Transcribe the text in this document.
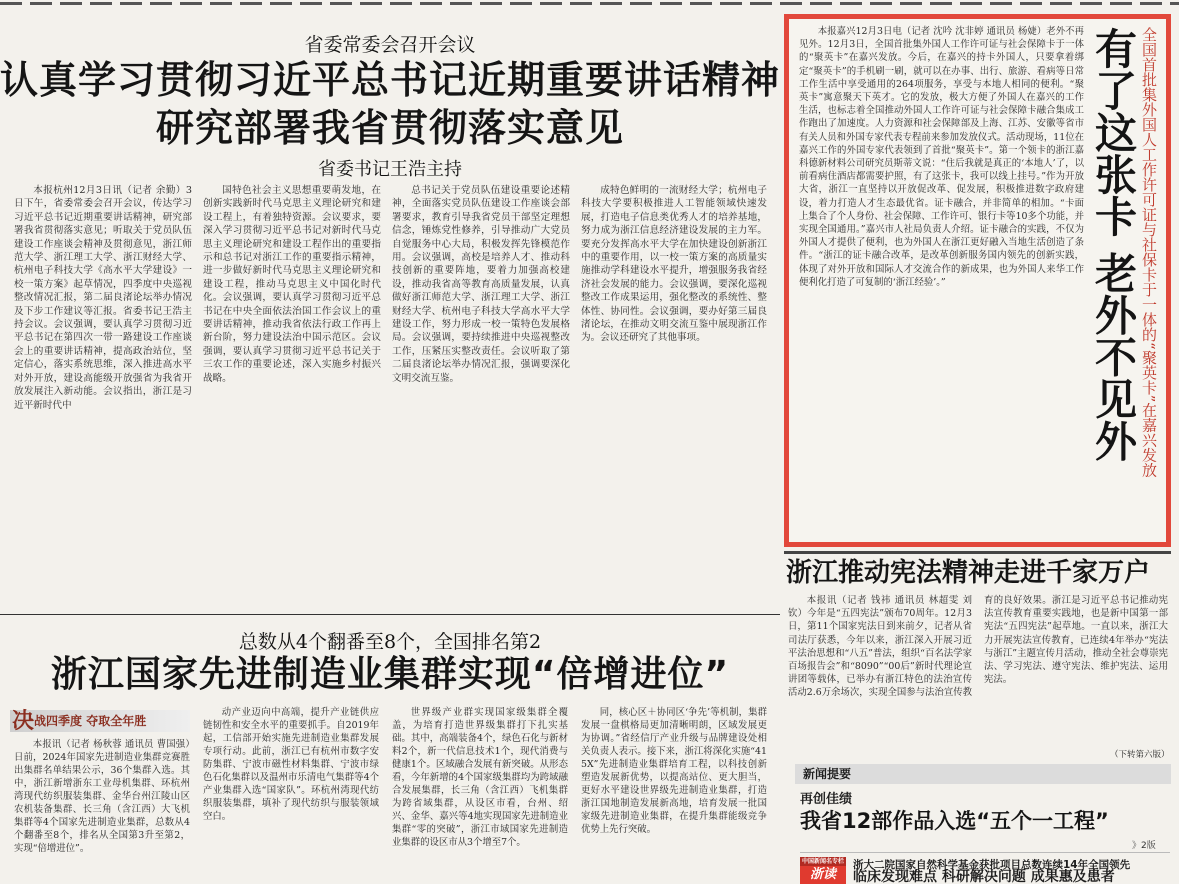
省委常委会召开会议
认真学习贯彻习近平总书记近期重要讲话精神
研究部署我省贯彻落实意见
省委书记王浩主持

本报杭州12月3日讯（记者 余勤）3日下午，省委常委会召开会议，传达学习习近平总书记近期重要讲话精神，研究部署我省贯彻落实意见；听取关于党员队伍建设工作座谈会精神及贯彻意见，浙江师范大学、浙江理工大学、浙江财经大学、杭州电子科技大学《高水平大学建设》一校一策方案》起草情况，四季度中央巡视整改情况汇报，第二届良渚论坛举办情况及下步工作建议等汇报。省委书记王浩主持会议。会议强调，要认真学习贯彻习近平总书记在第四次一带一路建设工作座谈会上的重要讲话精神，提高政治站位，坚定信心，落实系统思维，深入推进高水平对外开放，建设高能级开放强省为我省开放发展注入新动能。会议指出，浙江是习近平新时代中

国特色社会主义思想重要萌发地，在创新实践新时代马克思主义理论研究和建设工程上，有着独特资源。会议要求，要深入学习贯彻习近平总书记对新时代马克思主义理论研究和建设工程作出的重要指示和总书记对浙江工作的重要指示精神，进一步做好新时代马克思主义理论研究和建设工程，推动马克思主义中国化时代化。会议强调，要认真学习贯彻习近平总书记在中央全面依法治国工作会议上的重要讲话精神，推动我省依法行政工作再上新台阶，努力建设法治中国示范区。会议强调，要认真学习贯彻习近平总书记关于三农工作的重要论述，深入实施乡村振兴战略。

总书记关于党员队伍建设重要论述精神，全面落实党员队伍建设工作座谈会部署要求，教育引导我省党员干部坚定理想信念，锤炼党性修养，引导推动广大党员自觉服务中心大局，积极发挥先锋模范作用。会议强调，高校是培养人才、推动科技创新的重要阵地，要着力加强高校建设，推动我省高等教育高质量发展，认真做好浙江师范大学、浙江理工大学、浙江财经大学、杭州电子科技大学高水平大学建设工作，努力形成一校一策特色发展格局。会议强调，要持续推进中央巡视整改工作，压紧压实整改责任。会议听取了第二届良渚论坛举办情况汇报，强调要深化文明交流互鉴。

成特色鲜明的一流财经大学；杭州电子科技大学要积极推进人工智能领域快速发展，打造电子信息类优秀人才的培养基地，努力成为浙江信息经济建设发展的主力军。要充分发挥高水平大学在加快建设创新浙江中的重要作用，以一校一策方案的高质量实施推动学科建设水平提升，增强服务我省经济社会发展的能力。会议强调，要深化巡视整改工作成果运用，强化整改的系统性、整体性、协同性。会议强调，要办好第三届良渚论坛，在推动文明交流互鉴中展现浙江作为。会议还研究了其他事项。

本报嘉兴12月3日电（记者 沈吟 沈非婷 通讯员 杨婕）老外不再见外。12月3日，全国首批集外国人工作许可证与社会保障卡于一体的“聚英卡”在嘉兴发放。今后，在嘉兴的持卡外国人，只要拿着绑定“聚英卡”的手机刷一刷，就可以在办事、出行、旅游、看病等日常工作生活中享受通用的264项服务，享受与本地人相同的便利。“聚英卡”寓意聚天下英才。它的发放，极大方便了外国人在嘉兴的工作生活，也标志着全国推动外国人工作许可证与社会保障卡融合集成工作跑出了加速度。人力资源和社会保障部及上海、江苏、安徽等省市有关人员和外国专家代表专程前来参加发放仪式。活动现场，11位在嘉兴工作的外国专家代表领到了首批“聚英卡”。第一个领卡的浙江嘉科德新材料公司研究员斯蒂文说：“住后我就是真正的‘本地人’了，以前看病住酒店都需要护照，有了这张卡，我可以线上挂号。”作为开放大省，浙江一直坚持以开放促改革、促发展，积极推进数字政府建设，着力打造人才生态最优省。证卡融合，并非简单的相加。“卡面上集合了个人身份、社会保障、工作许可、银行卡等10多个功能，并实现全国通用。”嘉兴市人社局负责人介绍。证卡融合的实践，不仅为外国人才提供了便利，也为外国人在浙江更好融入当地生活创造了条件。“浙江的证卡融合改革，是改革创新服务国内领先的创新实践，体现了对外开放和国际人才交流合作的新成果，也为外国人来华工作便利化打造了可复制的‘浙江经验’。”	有了这张卡 老外不见外 全国首批集外国人工作许可证与社保卡于一体的“聚英卡”在嘉兴发放
浙江推动宪法精神走进千家万户

本报讯（记者 钱祎 通讯员 林超雯 刘钦）今年是“五四宪法”颁布70周年。12月3日，第11个国家宪法日到来前夕，记者从省司法厅获悉，今年以来，浙江深入开展习近平法治思想和“八五”普法，组织“百名法学家百场报告会”和“8090”“00后”新时代理论宣讲团等载体，已举办有浙江特色的法治宣传活动2.6万余场次，实现全国参与法治宣传教育的良好效果。浙江是习近平总书记推动宪法宣传教育重要实践地，也是新中国第一部宪法“五四宪法”起草地。一直以来，浙江大力开展宪法宣传教育，已连续4年举办“宪法与浙江”主题宣传月活动，推动全社会尊崇宪法、学习宪法、遵守宪法、维护宪法、运用宪法。

（下转第六版）
总数从4个翻番至8个，全国排名第2
浙江国家先进制造业集群实现“倍增进位”
决战四季度 夺取全年胜

本报讯（记者 杨秋蓉 通讯员 曹国强）日前，2024年国家先进制造业集群竞赛胜出集群名单结果公示，36个集群入选。其中，浙江新增浙东工业母机集群、环杭州湾现代纺织服装集群、金华台州江陵山区农机装备集群、长三角（含江西）大飞机集群等4个国家先进制造业集群，总数从4个翻番至8个，排名从全国第3升至第2，实现“倍增进位”。

动产业迈向中高端，提升产业链供应链韧性和安全水平的重要抓手。自2019年起，工信部开始实施先进制造业集群发展专项行动。此前，浙江已有杭州市数字安防集群、宁波市磁性材料集群、宁波市绿色石化集群以及温州市乐清电气集群等4个产业集群入选“国家队”。环杭州湾现代纺织服装集群，填补了现代纺织与服装领域空白。

世界级产业群实现国家级集群全覆盖，为培育打造世界级集群打下扎实基础。其中，高端装备4个，绿色石化与新材料2个，新一代信息技术1个，现代消费与健康1个。区域融合发展有新突破。从形态看，今年新增的4个国家级集群均为跨域融合发展集群，长三角（含江西）飞机集群为跨省域集群，从设区市看，台州、绍兴、金华、嘉兴等4地实现国家先进制造业集群“零的突破”，浙江市域国家先进制造业集群的设区市从3个增至7个。

同，核心区＋协同区‘争先’等机制，集群发展一盘棋格局更加清晰明朗，区域发展更为协调。”省经信厅产业升级与品牌建设处相关负责人表示。接下来，浙江将深化实施“415X”先进制造业集群培育工程，以科技创新塑造发展新优势，以提高站位、更大胆当，更好水平建设世界级先进制造业集群，打造浙江国地制造发展新高地，培育发展一批国家级先进制造业集群，在提升集群能级竞争优势上先行突破。

新闻提要
再创佳绩
我省12部作品入选“五个一工程”
》2版
中国新闻名专栏
浙读
浙大二院国家自然科学基金获批项目总数连续14年全国领先
临床发现难点 科研解决问题 成果惠及患者
